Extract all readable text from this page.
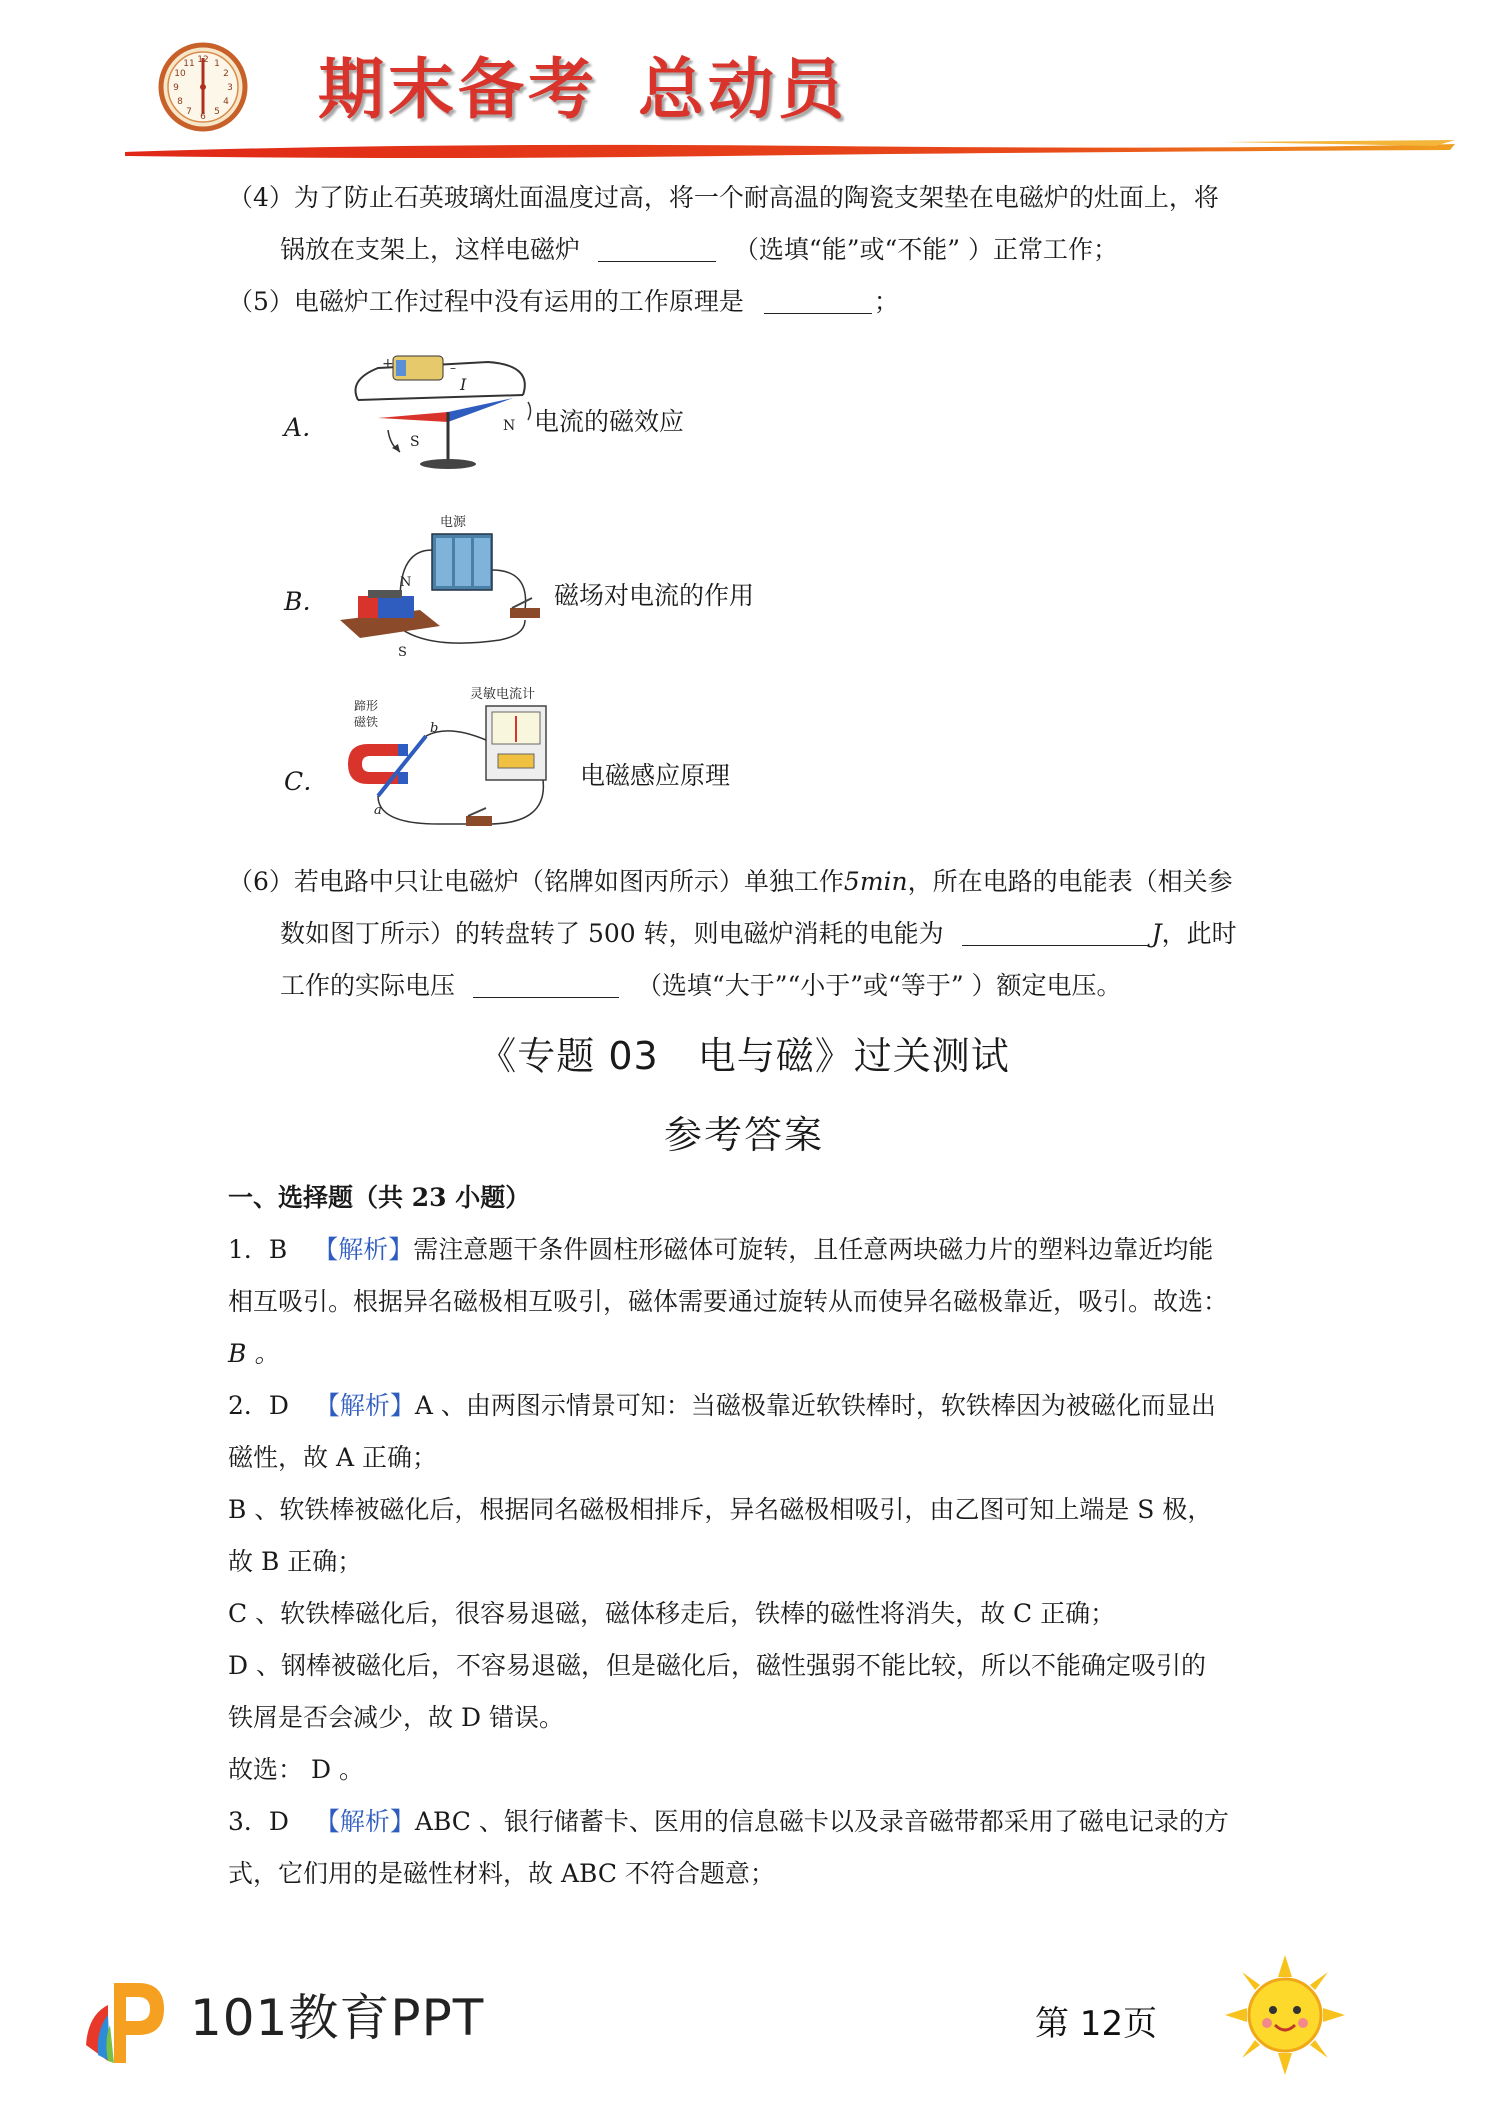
12 1
2
3
4
5
6
7
8
9
10
11 期末备考 总动员
（4）为了防止石英玻璃灶面温度过高，将一个耐高温的陶瓷支架垫在电磁炉的灶面上，将
锅放在支架上，这样电磁炉	（选填“能”或“不能” ）正常工作；
（5）电磁炉工作过程中没有运用的工作原理是	；
A．
+	–
I
S
N 电流的磁效应
B．
电源
N
S
磁场对电流的作用
C．
灵敏电流计
蹄形
磁铁	b
a
电磁感应原理
（6）若电路中只让电磁炉（铭牌如图丙所示）单独工作5min，所在电路的电能表（相关参
数如图丁所示）的转盘转了 500 转，则电磁炉消耗的电能为	J，此时
工作的实际电压	（选填“大于”“小于”或“等于” ）额定电压。
《专题 03　电与磁》过关测试
参考答案
一、选择题（共 23 小题）
1．B 【解析】需注意题干条件圆柱形磁体可旋转，且任意两块磁力片的塑料边靠近均能
相互吸引。根据异名磁极相互吸引，磁体需要通过旋转从而使异名磁极靠近，吸引。故选：
B 。
2．D 【解析】A 、由两图示情景可知：当磁极靠近软铁棒时，软铁棒因为被磁化而显出
磁性，故 A 正确；
B 、软铁棒被磁化后，根据同名磁极相排斥，异名磁极相吸引，由乙图可知上端是 S 极，
故 B 正确；
C 、软铁棒磁化后，很容易退磁，磁体移走后，铁棒的磁性将消失，故 C 正确；
D 、钢棒被磁化后，不容易退磁，但是磁化后，磁性强弱不能比较，所以不能确定吸引的
铁屑是否会减少，故 D 错误。
故选： D 。
3．D 【解析】ABC 、银行储蓄卡、医用的信息磁卡以及录音磁带都采用了磁电记录的方
式，它们用的是磁性材料，故 ABC 不符合题意；
101教育PPT	第 12页
